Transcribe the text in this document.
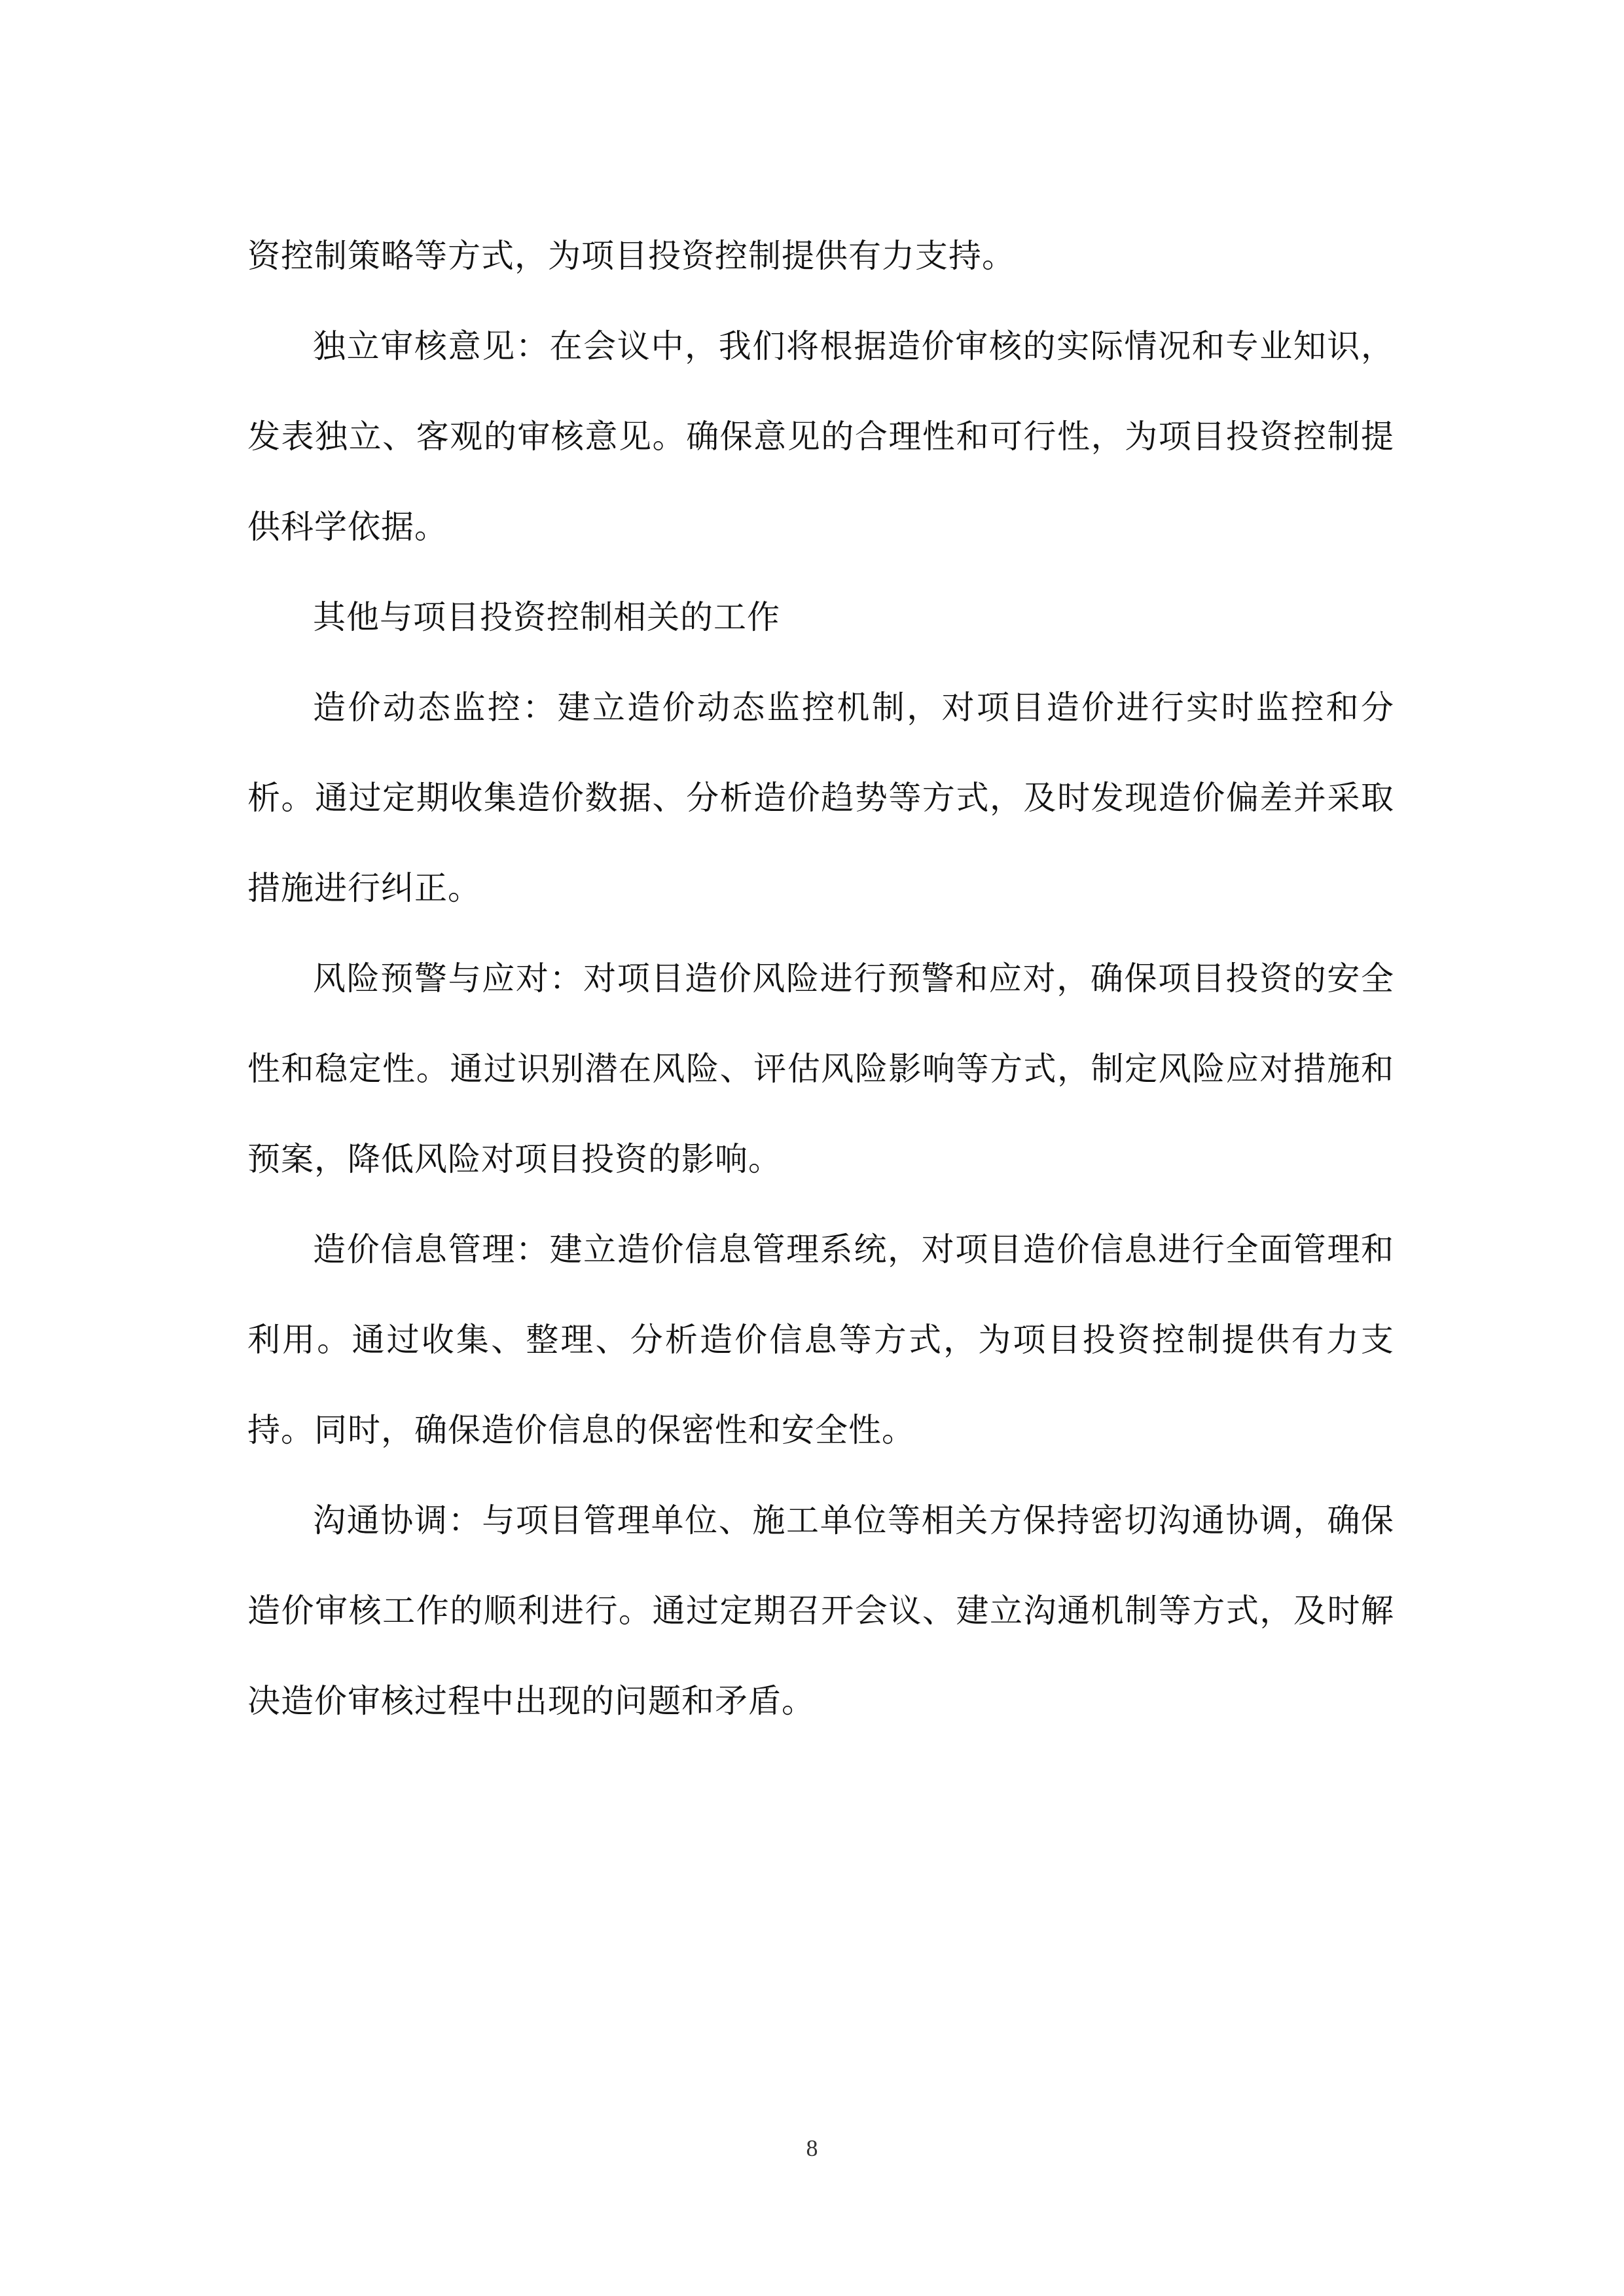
资控制策略等方式，为项目投资控制提供有力支持。

独立审核意见：在会议中，我们将根据造价审核的实际情况和专业知识，发表独立、客观的审核意见。确保意见的合理性和可行性，为项目投资控制提供科学依据。

其他与项目投资控制相关的工作

造价动态监控：建立造价动态监控机制，对项目造价进行实时监控和分析。通过定期收集造价数据、分析造价趋势等方式，及时发现造价偏差并采取措施进行纠正。

风险预警与应对：对项目造价风险进行预警和应对，确保项目投资的安全性和稳定性。通过识别潜在风险、评估风险影响等方式，制定风险应对措施和预案，降低风险对项目投资的影响。

造价信息管理：建立造价信息管理系统，对项目造价信息进行全面管理和利用。通过收集、整理、分析造价信息等方式，为项目投资控制提供有力支持。同时，确保造价信息的保密性和安全性。

沟通协调：与项目管理单位、施工单位等相关方保持密切沟通协调，确保造价审核工作的顺利进行。通过定期召开会议、建立沟通机制等方式，及时解决造价审核过程中出现的问题和矛盾。

8
